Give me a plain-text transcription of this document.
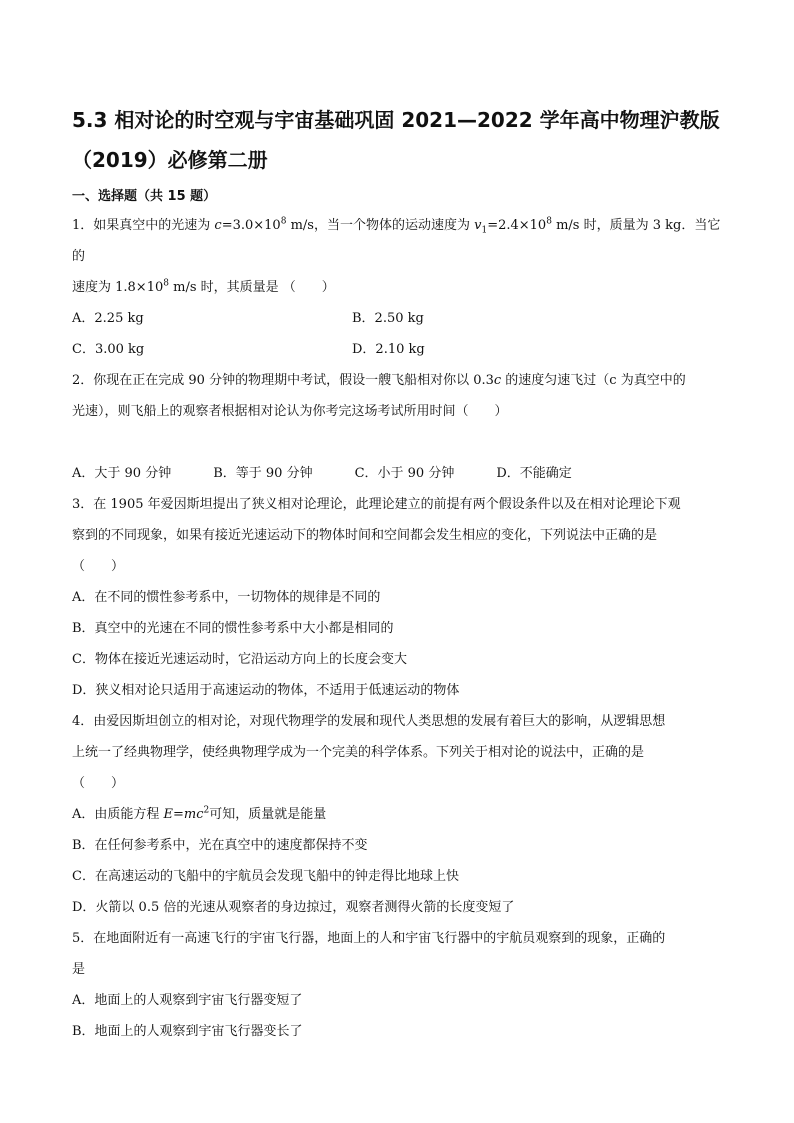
5.3 相对论的时空观与宇宙基础巩固 2021—2022 学年高中物理沪教版
（2019）必修第二册
一、选择题（共 15 题）

1．如果真空中的光速为 $c=3.0\times 10^8$ m/s，当一个物体的运动速度为 $v_1=2.4\times 10^8$ m/s 时，质量为 3 kg．当它的
速度为 $1.8\times 10^8$ m/s 时，其质量是 （　　）

A．2.25 kg	B．2.50 kg
C．3.00 kg	D．2.10 kg

2．你现在正在完成 90 分钟的物理期中考试，假设一艘飞船相对你以 0.3c 的速度匀速飞过（c 为真空中的
光速），则飞船上的观察者根据相对论认为你考完这场考试所用时间（　　）

A．大于 90 分钟	B．等于 90 分钟	C．小于 90 分钟	D．不能确定

3．在 1905 年爱因斯坦提出了狭义相对论理论，此理论建立的前提有两个假设条件以及在相对论理论下观
察到的不同现象，如果有接近光速运动下的物体时间和空间都会发生相应的变化，下列说法中正确的是
（　　）

A．在不同的惯性参考系中，一切物体的规律是不同的
B．真空中的光速在不同的惯性参考系中大小都是相同的
C．物体在接近光速运动时，它沿运动方向上的长度会变大
D．狭义相对论只适用于高速运动的物体，不适用于低速运动的物体

4．由爱因斯坦创立的相对论，对现代物理学的发展和现代人类思想的发展有着巨大的影响，从逻辑思想
上统一了经典物理学，使经典物理学成为一个完美的科学体系。下列关于相对论的说法中，正确的是
（　　）

A．由质能方程 $E=mc^2$可知，质量就是能量
B．在任何参考系中，光在真空中的速度都保持不变
C．在高速运动的飞船中的宇航员会发现飞船中的钟走得比地球上快
D．火箭以 0.5 倍的光速从观察者的身边掠过，观察者测得火箭的长度变短了

5．在地面附近有一高速飞行的宇宙飞行器，地面上的人和宇宙飞行器中的宇航员观察到的现象，正确的
是

A．地面上的人观察到宇宙飞行器变短了
B．地面上的人观察到宇宙飞行器变长了
